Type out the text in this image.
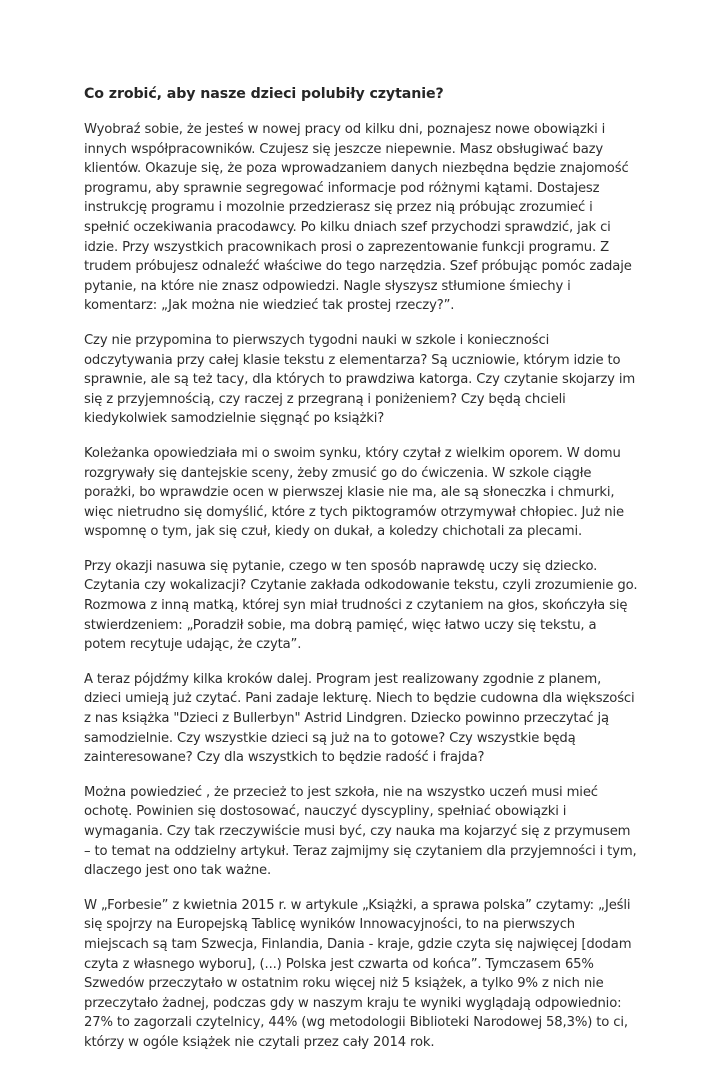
Co zrobić, aby nasze dzieci polubiły czytanie?

Wyobraź sobie, że jesteś w nowej pracy od kilku dni, poznajesz nowe obowiązki i innych współpracowników. Czujesz się jeszcze niepewnie. Masz obsługiwać bazy klientów. Okazuje się, że poza wprowadzaniem danych niezbędna będzie znajomość programu, aby sprawnie segregować informacje pod różnymi kątami. Dostajesz instrukcję programu i mozolnie przedzierasz się przez nią próbując zrozumieć i spełnić oczekiwania pracodawcy. Po kilku dniach szef przychodzi sprawdzić, jak ci idzie. Przy wszystkich pracownikach prosi o zaprezentowanie funkcji programu. Z trudem próbujesz odnaleźć właściwe do tego narzędzia. Szef próbując pomóc zadaje pytanie, na które nie znasz odpowiedzi. Nagle słyszysz stłumione śmiechy i komentarz: „Jak można nie wiedzieć tak prostej rzeczy?”.

Czy nie przypomina to pierwszych tygodni nauki w szkole i konieczności odczytywania przy całej klasie tekstu z elementarza? Są uczniowie, którym idzie to sprawnie, ale są też tacy, dla których to prawdziwa katorga. Czy czytanie skojarzy im się z przyjemnością, czy raczej z przegraną i poniżeniem? Czy będą chcieli kiedykolwiek samodzielnie sięgnąć po książki?

Koleżanka opowiedziała mi o swoim synku, który czytał z wielkim oporem. W domu rozgrywały się dantejskie sceny, żeby zmusić go do ćwiczenia. W szkole ciągłe porażki, bo wprawdzie ocen w pierwszej klasie nie ma, ale są słoneczka i chmurki, więc nietrudno się domyślić, które z tych piktogramów otrzymywał chłopiec. Już nie wspomnę o tym, jak się czuł, kiedy on dukał, a koledzy chichotali za plecami.

Przy okazji nasuwa się pytanie, czego w ten sposób naprawdę uczy się dziecko. Czytania czy wokalizacji? Czytanie zakłada odkodowanie tekstu, czyli zrozumienie go. Rozmowa z inną matką, której syn miał trudności z czytaniem na głos, skończyła się stwierdzeniem: „Poradził sobie, ma dobrą pamięć, więc łatwo uczy się tekstu, a potem recytuje udając, że czyta”.

A teraz pójdźmy kilka kroków dalej. Program jest realizowany zgodnie z planem, dzieci umieją już czytać. Pani zadaje lekturę. Niech to będzie cudowna dla większości z nas książka "Dzieci z Bullerbyn" Astrid Lindgren. Dziecko powinno przeczytać ją samodzielnie. Czy wszystkie dzieci są już na to gotowe? Czy wszystkie będą zainteresowane? Czy dla wszystkich to będzie radość i frajda?

Można powiedzieć , że przecież to jest szkoła, nie na wszystko uczeń musi mieć ochotę. Powinien się dostosować, nauczyć dyscypliny, spełniać obowiązki i wymagania. Czy tak rzeczywiście musi być, czy nauka ma kojarzyć się z przymusem – to temat na oddzielny artykuł. Teraz zajmijmy się czytaniem dla przyjemności i tym, dlaczego jest ono tak ważne.

W „Forbesie” z kwietnia 2015 r. w artykule „Książki, a sprawa polska” czytamy: „Jeśli się spojrzy na Europejską Tablicę wyników Innowacyjności, to na pierwszych miejscach są tam Szwecja, Finlandia, Dania - kraje, gdzie czyta się najwięcej [dodam czyta z własnego wyboru], (...) Polska jest czwarta od końca”. Tymczasem 65% Szwedów przeczytało w ostatnim roku więcej niż 5 książek, a tylko 9% z nich nie przeczytało żadnej, podczas gdy w naszym kraju te wyniki wyglądają odpowiednio: 27% to zagorzali czytelnicy, 44% (wg metodologii Biblioteki Narodowej 58,3%) to ci, którzy w ogóle książek nie czytali przez cały 2014 rok.
